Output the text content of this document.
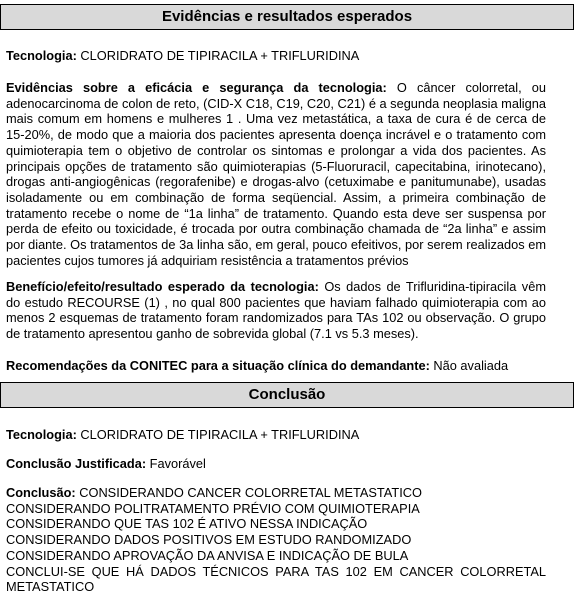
Evidências e resultados esperados
Tecnologia: CLORIDRATO DE TIPIRACILA + TRIFLURIDINA
Evidências sobre a eficácia e segurança da tecnologia: O câncer colorretal, ou adenocarcinoma de colon de reto, (CID-X C18, C19, C20, C21) é a segunda neoplasia maligna mais comum em homens e mulheres 1 . Uma vez metastática, a taxa de cura é de cerca de 15-20%, de modo que a maioria dos pacientes apresenta doença incrável e o tratamento com quimioterapia tem o objetivo de controlar os sintomas e prolongar a vida dos pacientes. As principais opções de tratamento são quimioterapias (5-Fluoruracil, capecitabina, irinotecano), drogas anti-angiogênicas (regorafenibe) e drogas-alvo (cetuximabe e panitumunabe), usadas isoladamente ou em combinação de forma seqüencial. Assim, a primeira combinação de tratamento recebe o nome de “1a linha” de tratamento. Quando esta deve ser suspensa por perda de efeito ou toxicidade, é trocada por outra combinação chamada de “2a linha” e assim por diante. Os tratamentos de 3a linha são, em geral, pouco efeitivos, por serem realizados em pacientes cujos tumores já adquiriam resistência a tratamentos prévios
Benefício/efeito/resultado esperado da tecnologia: Os dados de Trifluridina-tipiracila vêm do estudo RECOURSE (1) , no qual 800 pacientes que haviam falhado quimioterapia com ao menos 2 esquemas de tratamento foram randomizados para TAs 102 ou observação. O grupo de tratamento apresentou ganho de sobrevida global (7.1 vs 5.3 meses).
Recomendações da CONITEC para a situação clínica do demandante: Não avaliada
Conclusão
Tecnologia: CLORIDRATO DE TIPIRACILA + TRIFLURIDINA
Conclusão Justificada: Favorável
Conclusão: CONSIDERANDO CANCER COLORRETAL METASTATICO
CONSIDERANDO POLITRATAMENTO PRÉVIO COM QUIMIOTERAPIA
CONSIDERANDO QUE TAS 102 É ATIVO NESSA INDICAÇÃO
CONSIDERANDO DADOS POSITIVOS EM ESTUDO RANDOMIZADO
CONSIDERANDO APROVAÇÃO DA ANVISA E INDICAÇÃO DE BULA
CONCLUI-SE QUE HÁ DADOS TÉCNICOS PARA TAS 102 EM CANCER COLORRETAL METASTATICO
